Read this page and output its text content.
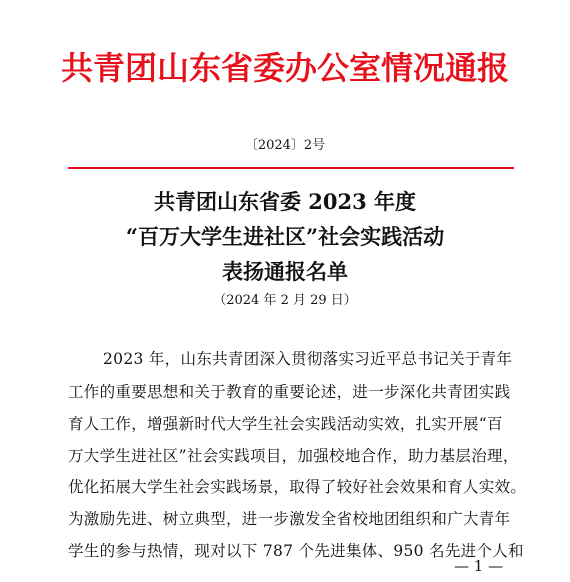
共青团山东省委办公室情况通报
〔2024〕2号
共青团山东省委 2023 年度
“百万大学生进社区”社会实践活动
表扬通报名单
（2024 年 2 月 29 日）
2023 年，山东共青团深入贯彻落实习近平总书记关于青年
工作的重要思想和关于教育的重要论述，进一步深化共青团实践
育人工作，增强新时代大学生社会实践活动实效，扎实开展“百
万大学生进社区”社会实践项目，加强校地合作，助力基层治理，
优化拓展大学生社会实践场景，取得了较好社会效果和育人实效。
为激励先进、树立典型，进一步激发全省校地团组织和广大青年
学生的参与热情，现对以下 787 个先进集体、950 名先进个人和
— 1 —
